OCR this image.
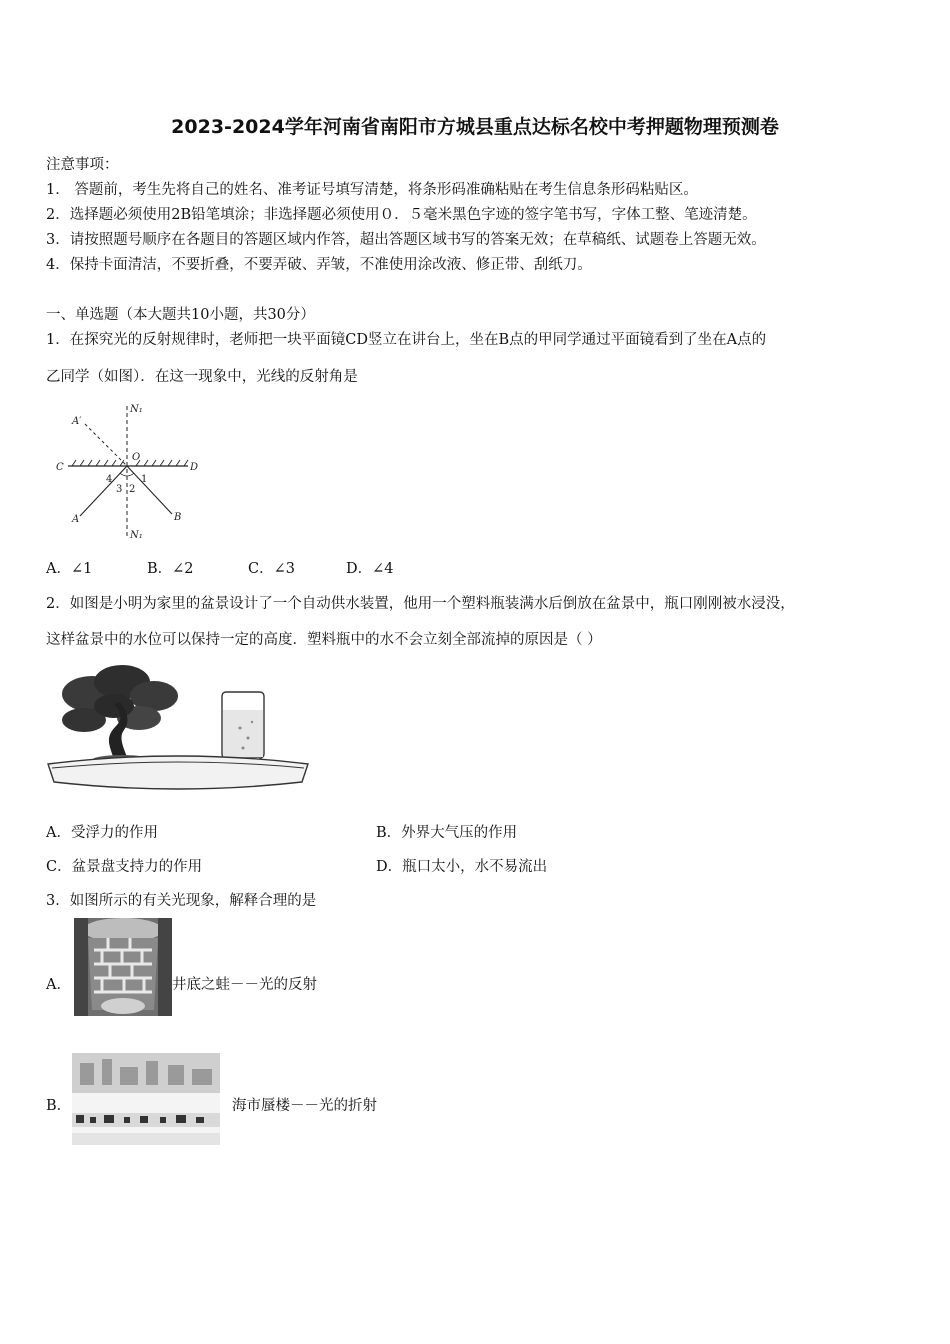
2023-2024学年河南省南阳市方城县重点达标名校中考押题物理预测卷
注意事项：
1． 答题前，考生先将自己的姓名、准考证号填写清楚，将条形码准确粘贴在考生信息条形码粘贴区。
2．选择题必须使用2B铅笔填涂；非选择题必须使用０．５毫米黑色字迹的签字笔书写，字体工整、笔迹清楚。
3．请按照题号顺序在各题目的答题区域内作答，超出答题区域书写的答案无效；在草稿纸、试题卷上答题无效。
4．保持卡面清洁，不要折叠，不要弄破、弄皱，不准使用涂改液、修正带、刮纸刀。
一、单选题（本大题共10小题，共30分）
1．在探究光的反射规律时，老师把一块平面镜CD竖立在讲台上，坐在B点的甲同学通过平面镜看到了坐在A点的
乙同学（如图）．在这一现象中，光线的反射角是
A′
N₁
O
C	D
4
3 2
1
A	B
N₁
A．∠1	B．∠2	C．∠3	D．∠4
2．如图是小明为家里的盆景设计了一个自动供水装置，他用一个塑料瓶装满水后倒放在盆景中，瓶口刚刚被水浸没，
这样盆景中的水位可以保持一定的高度．塑料瓶中的水不会立刻全部流掉的原因是（ ）
A．受浮力的作用	B．外界大气压的作用
C．盆景盘支持力的作用	D．瓶口太小，水不易流出
3．如图所示的有关光现象，解释合理的是
A．	井底之蛙－－光的反射
B．	海市蜃楼－－光的折射
